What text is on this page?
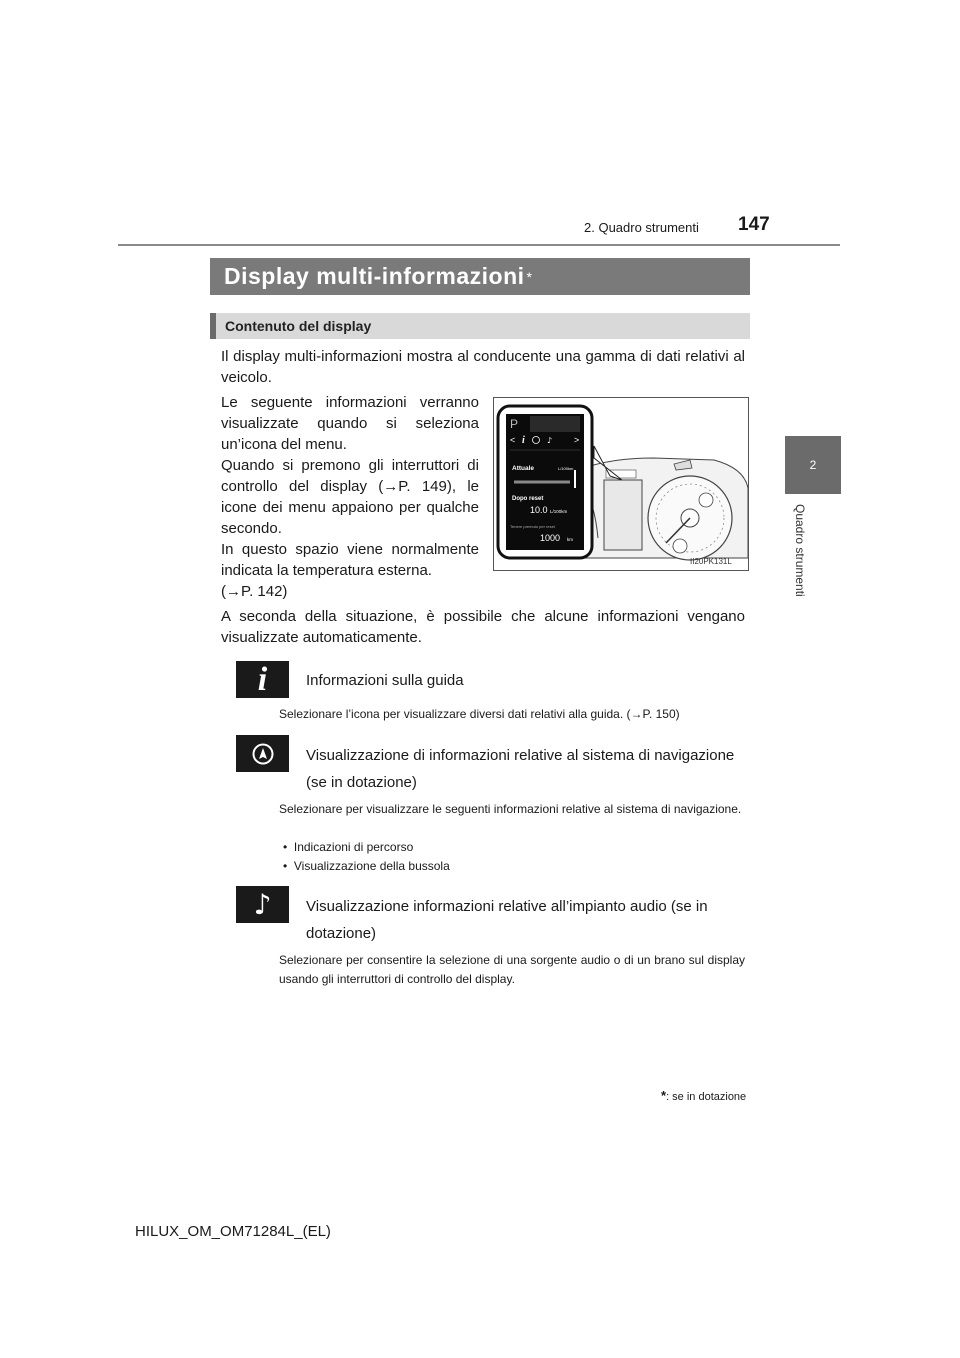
2. Quadro strumenti 147
2
Quadro strumenti
Display multi-informazioni *
Contenuto del display
Il display multi-informazioni mostra al conducente una gamma di dati relativi al veicolo.
Le seguente informazioni verranno visualizzate quando si seleziona un’icona del menu.
Quando si premono gli interruttori di controllo del display (→P. 149), le icone dei menu appaiono per qualche secondo.
In questo spazio viene normalmente indicata la temperatura esterna.
(→P. 142)
< i	♪ >
P
Attuale	L/100km
Dopo reset
10.0 L/100km
Tenere premuto per reset
1000 km
II20PK131L
A seconda della situazione, è possibile che alcune informazioni vengano visualizzate automaticamente.
i	Informazioni sulla guida
Selezionare l’icona per visualizzare diversi dati relativi alla guida. (→P. 150)
Visualizzazione di informazioni relative al sistema di navigazione
(se in dotazione)
Selezionare per visualizzare le seguenti informazioni relative al sistema di navigazione.
•  Indicazioni di percorso
•  Visualizzazione della bussola
♪ Visualizzazione informazioni relative all’impianto audio (se in
dotazione)
Selezionare per consentire la selezione di una sorgente audio o di un brano sul display usando gli interruttori di controllo del display.
*: se in dotazione
HILUX_OM_OM71284L_(EL)
